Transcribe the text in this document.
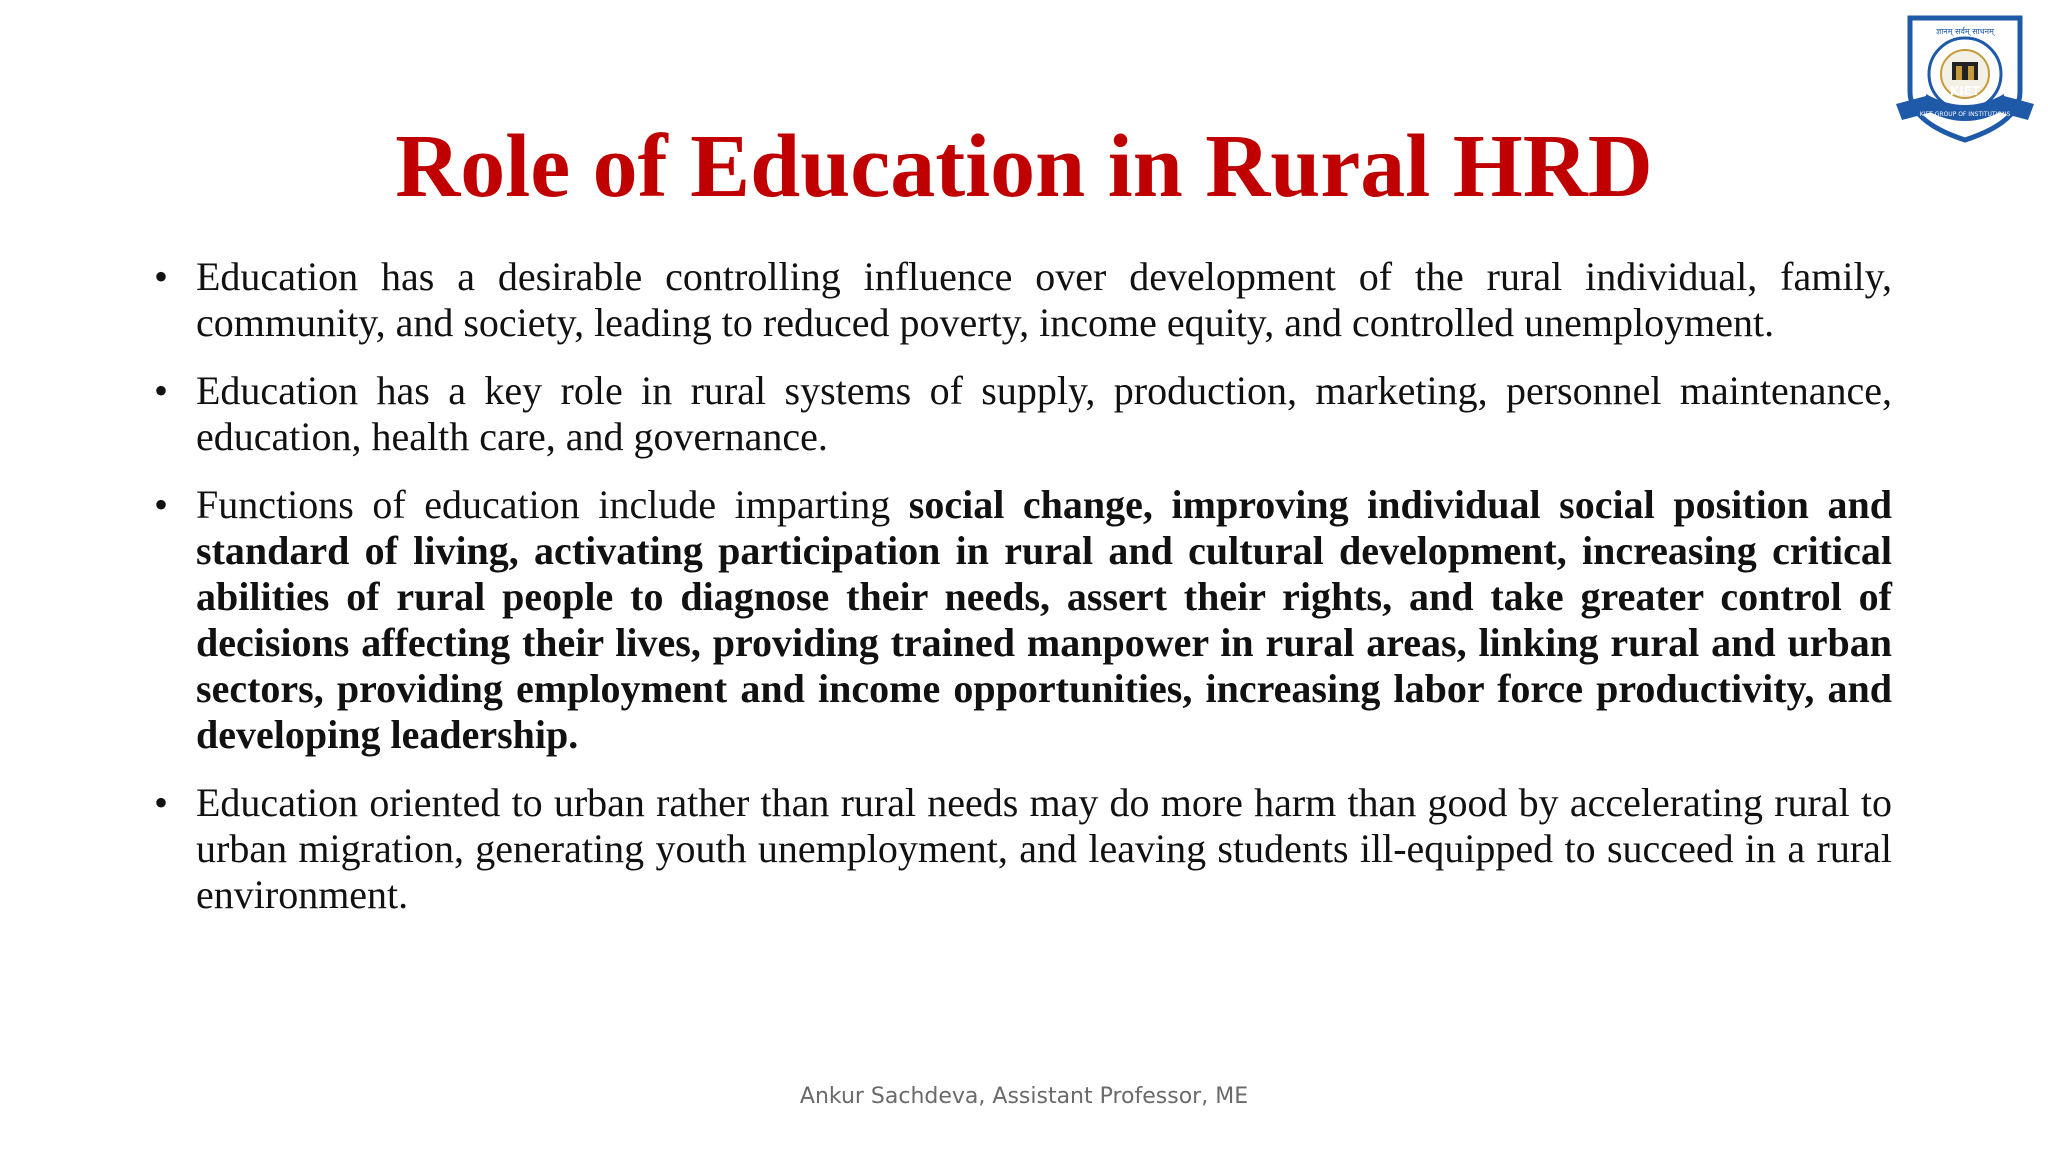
ज्ञानम् सर्वम् साधनम्
KIET
KIET GROUP OF INSTITUTIONS
Role of Education in Rural HRD
• Education has a desirable controlling influence over development of the rural individual, family, community, and society, leading to reduced poverty, income equity, and controlled unemployment.
• Education has a key role in rural systems of supply, production, marketing, personnel maintenance, education, health care, and governance.
• Functions of education include imparting social change, improving individual social position and standard of living, activating participation in rural and cultural development, increasing critical abilities of rural people to diagnose their needs, assert their rights, and take greater control of decisions affecting their lives, providing trained manpower in rural areas, linking rural and urban sectors, providing employment and income opportunities, increasing labor force productivity, and developing leadership.
• Education oriented to urban rather than rural needs may do more harm than good by accelerating rural to urban migration, generating youth unemployment, and leaving students ill-equipped to succeed in a rural environment.
Ankur Sachdeva, Assistant Professor, ME
